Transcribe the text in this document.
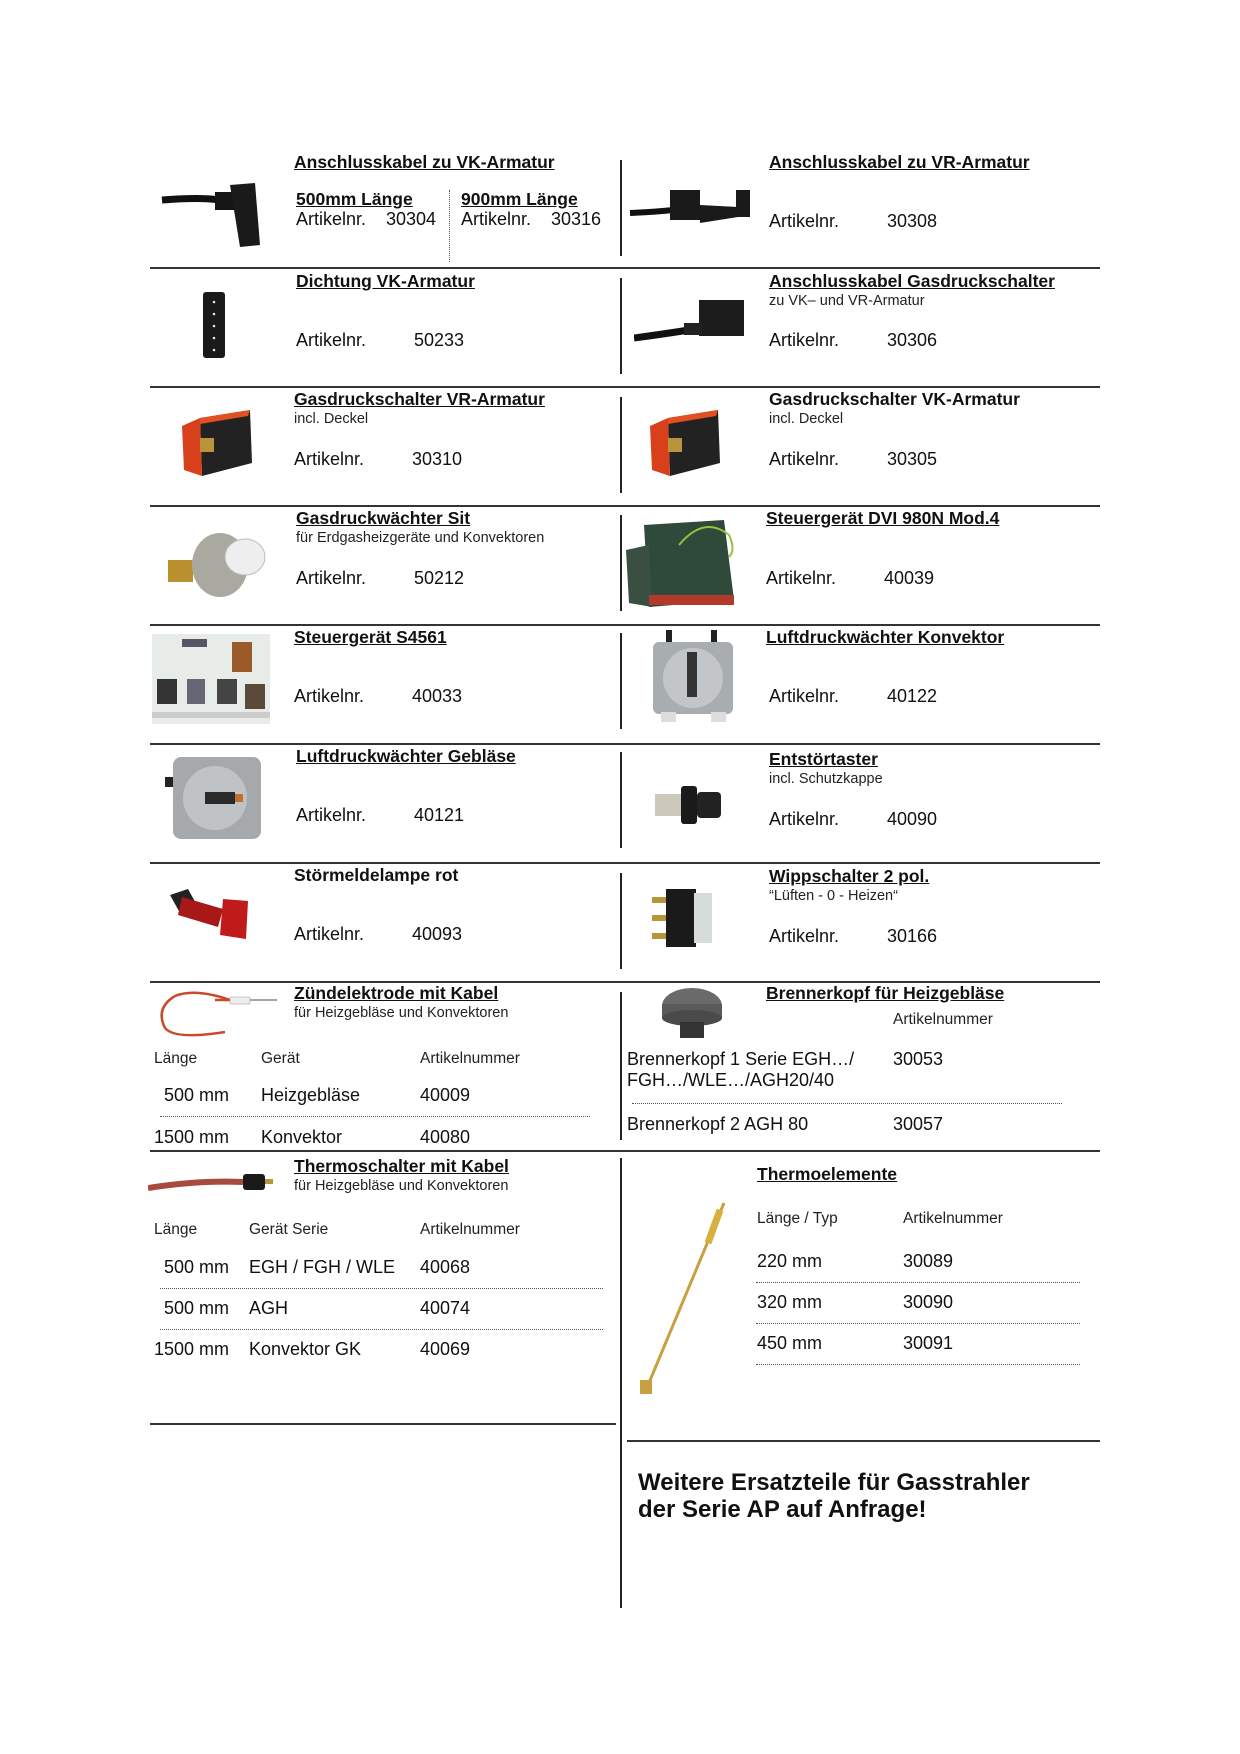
Anschlusskabel zu VK-Armatur
500mm Länge
Artikelnr. 30304
900mm Länge
Artikelnr. 30316
Anschlusskabel zu VR-Armatur
Artikelnr.	30308
Dichtung VK-Armatur
Artikelnr.	50233
Anschlusskabel Gasdruckschalter
zu VK– und VR-Armatur
Artikelnr.	30306
Gasdruckschalter VR-Armatur
incl. Deckel
Artikelnr.	30310
Gasdruckschalter VK-Armatur
incl. Deckel
Artikelnr.	30305
Gasdruckwächter Sit
für Erdgasheizgeräte und Konvektoren
Artikelnr.	50212
Steuergerät DVI 980N Mod.4
Artikelnr.	40039
Steuergerät S4561
Artikelnr.	40033
Luftdruckwächter Konvektor
Artikelnr.	40122
Luftdruckwächter Gebläse
Artikelnr.	40121
Entstörtaster
incl. Schutzkappe
Artikelnr.	40090
Störmeldelampe rot
Artikelnr.	40093
Wippschalter 2 pol.
“Lüften - 0 - Heizen“
Artikelnr.	30166
Zündelektrode mit Kabel
für Heizgebläse und Konvektoren
Länge	Gerät	Artikelnummer
500 mm Heizgebläse	40009
1500 mm Konvektor	40080
Brennerkopf für Heizgebläse
Artikelnummer
Brennerkopf 1 Serie EGH…/
FGH…/WLE…/AGH20/40
30053
Brennerkopf 2 AGH 80	30057
Thermoschalter mit Kabel
für Heizgebläse und Konvektoren
Länge	Gerät Serie	Artikelnummer
500 mm EGH / FGH / WLE 40068
500 mm AGH	40074
1500 mm Konvektor GK	40069
Thermoelemente
Länge / Typ	Artikelnummer
220 mm	30089
320 mm	30090
450 mm	30091
Weitere Ersatzteile für Gasstrahler
der Serie AP auf Anfrage!
